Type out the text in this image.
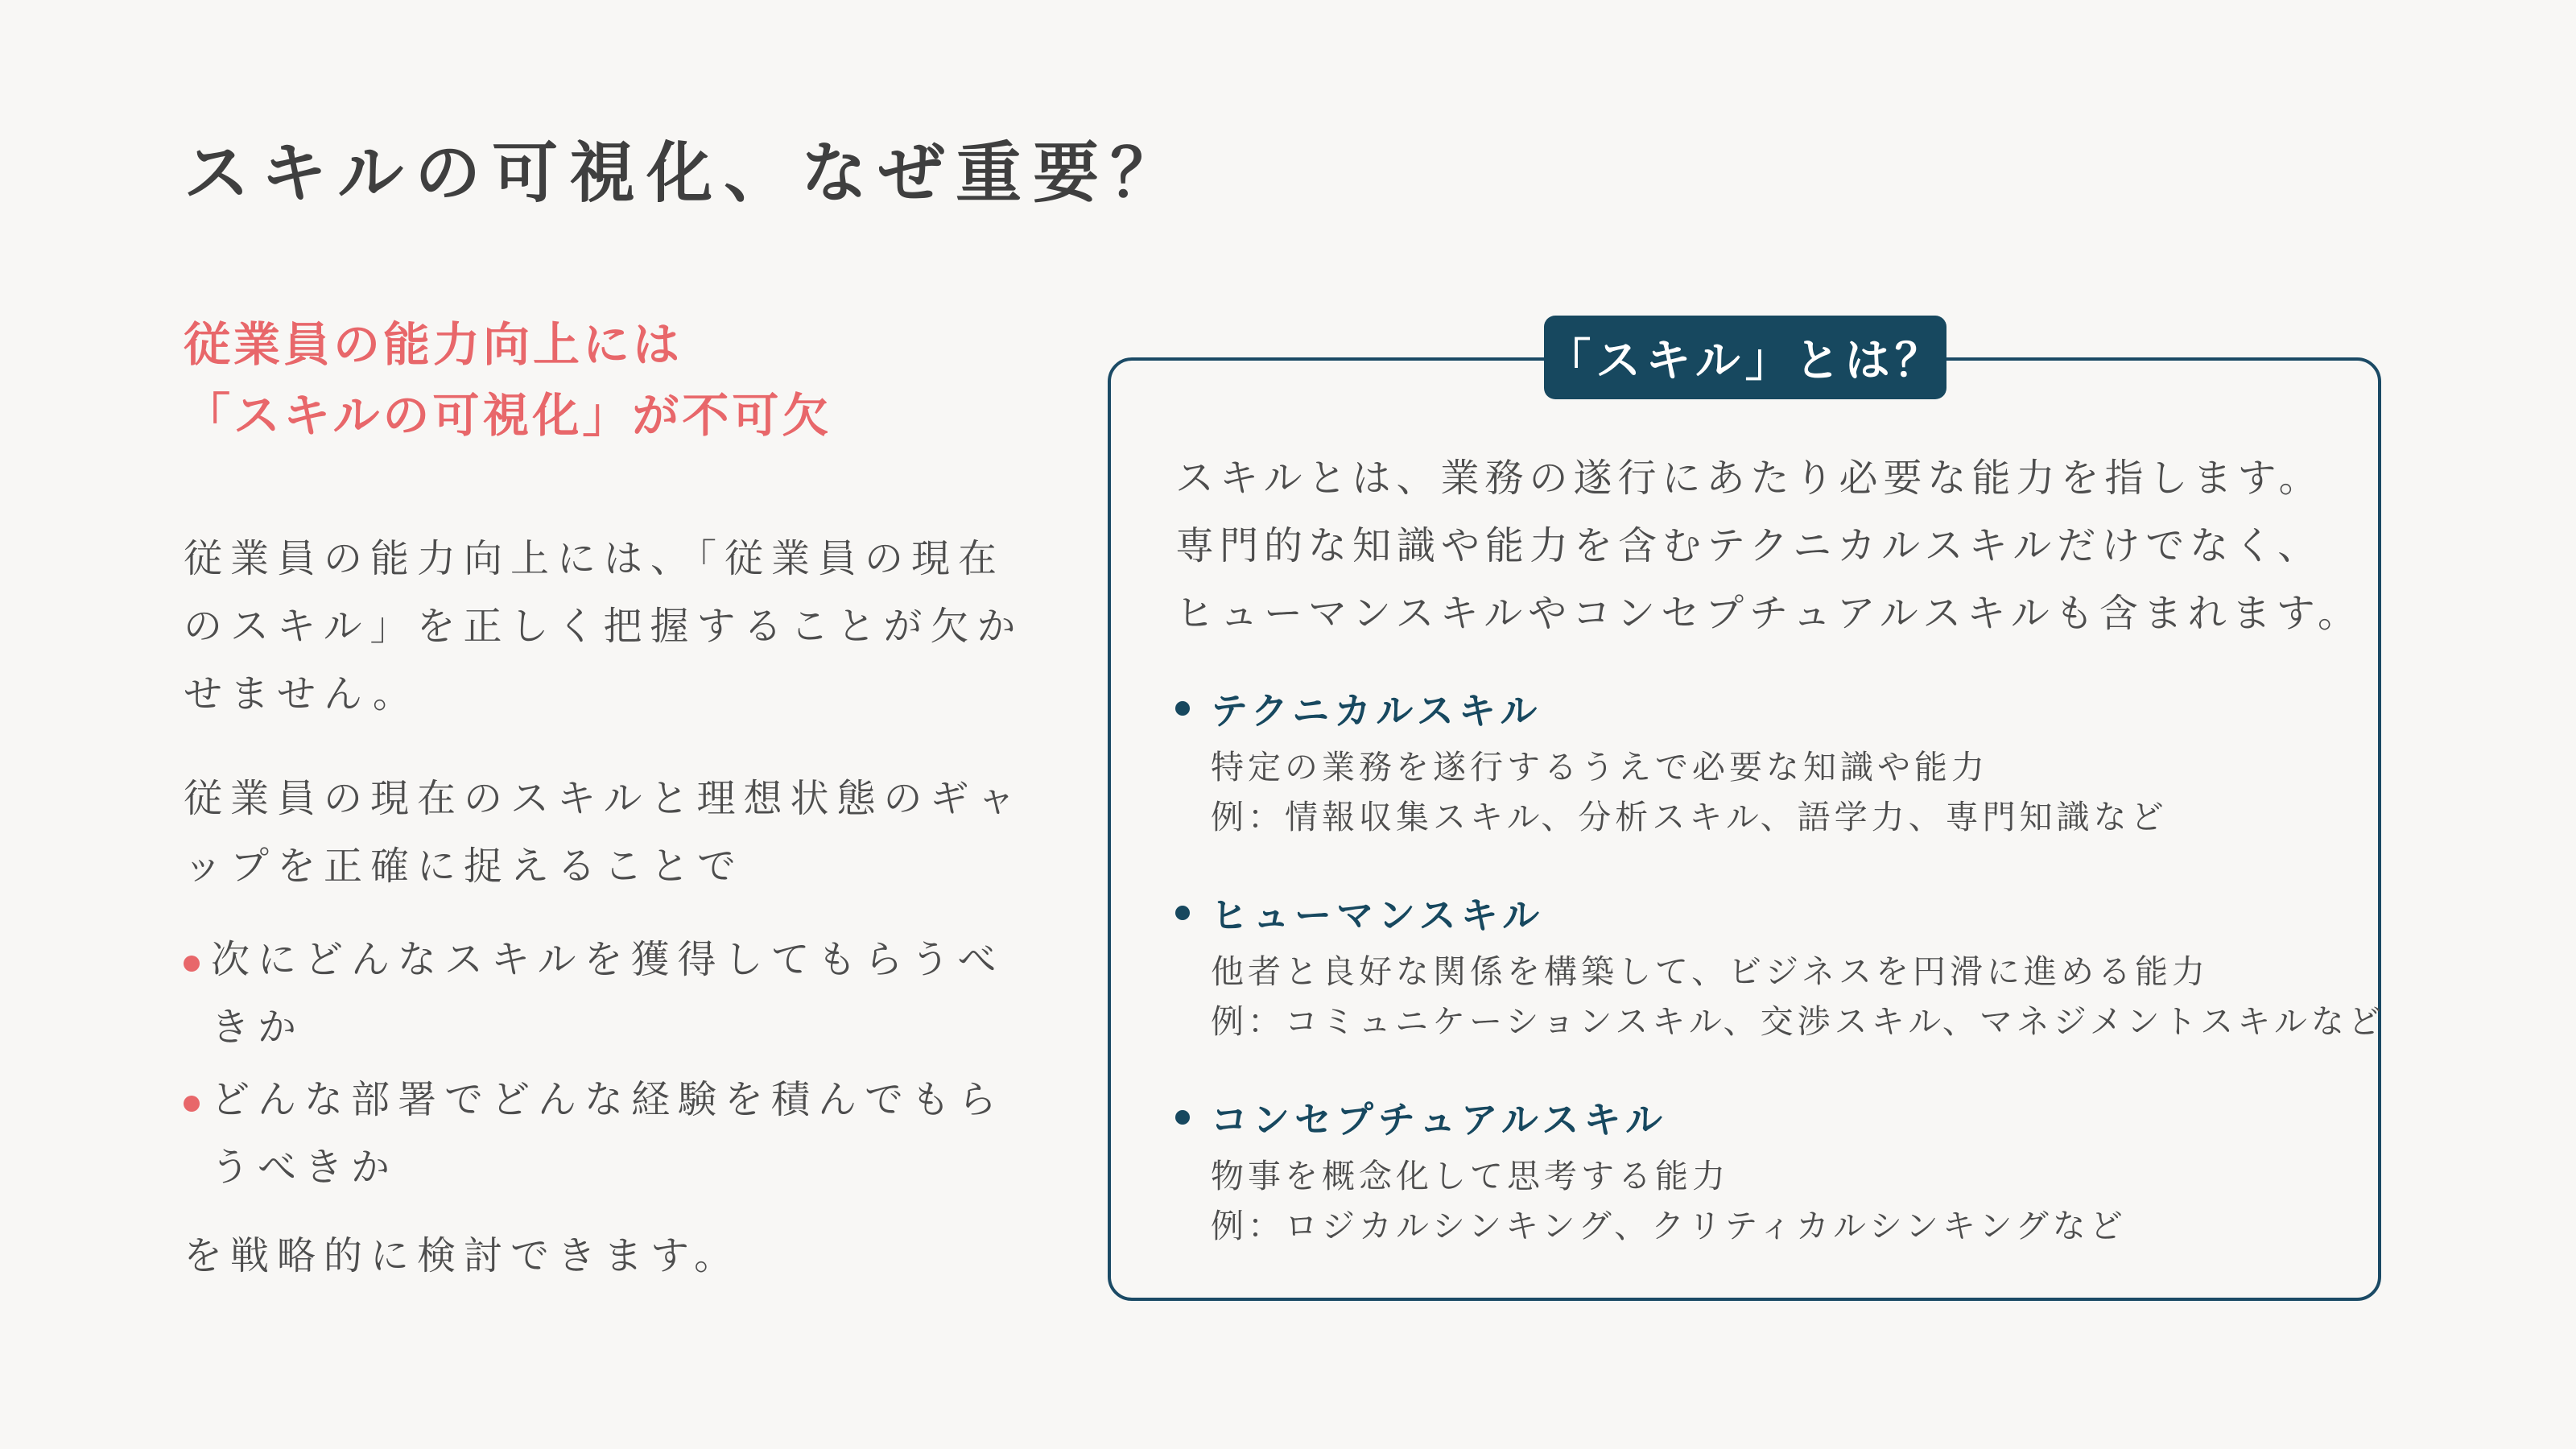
スキルの可視化、なぜ重要？
従業員の能力向上には
「スキルの可視化」が不可欠

従業員の能力向上には、「従業員の現在のスキル」を正しく把握することが欠かせません。

従業員の現在のスキルと理想状態のギャップを正確に捉えることで

次にどんなスキルを獲得してもらうべきか
どんな部署でどんな経験を積んでもらうべきか

を戦略的に検討できます。

「スキル」とは？
スキルとは、業務の遂行にあたり必要な能力を指します。
専門的な知識や能力を含むテクニカルスキルだけでなく、
ヒューマンスキルやコンセプチュアルスキルも含まれます。
テクニカルスキル
特定の業務を遂行するうえで必要な知識や能力
例：情報収集スキル、分析スキル、語学力、専門知識など
ヒューマンスキル
他者と良好な関係を構築して、ビジネスを円滑に進める能力
例：コミュニケーションスキル、交渉スキル、マネジメントスキルなど
コンセプチュアルスキル
物事を概念化して思考する能力
例：ロジカルシンキング、クリティカルシンキングなど
